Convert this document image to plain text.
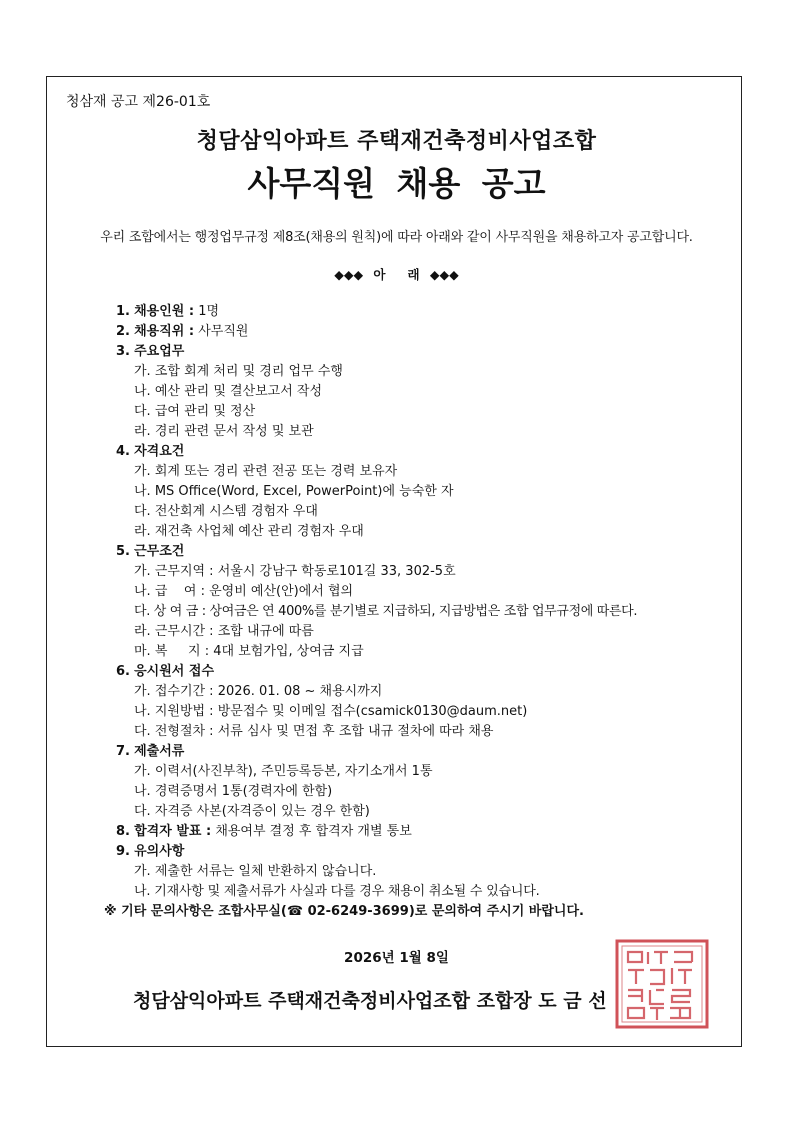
청삼재 공고 제26-01호
청담삼익아파트 주택재건축정비사업조합
사무직원 채용 공고
우리 조합에서는 행정업무규정 제8조(채용의 원칙)에 따라 아래와 같이 사무직원을 채용하고자 공고합니다.
◆◆◆ 아 래 ◆◆◆
1. 채용인원 : 1명
2. 채용직위 : 사무직원
3. 주요업무
가. 조합 회계 처리 및 경리 업무 수행
나. 예산 관리 및 결산보고서 작성
다. 급여 관리 및 정산
라. 경리 관련 문서 작성 및 보관
4. 자격요건
가. 회계 또는 경리 관련 전공 또는 경력 보유자
나. MS Office(Word, Excel, PowerPoint)에 능숙한 자
다. 전산회계 시스템 경험자 우대
라. 재건축 사업체 예산 관리 경험자 우대
5. 근무조건
가. 근무지역 : 서울시 강남구 학동로101길 33, 302-5호
나. 급    여 : 운영비 예산(안)에서 협의
다. 상 여 금 : 상여금은 연 400%를 분기별로 지급하되, 지급방법은 조합 업무규정에 따른다.
라. 근무시간 : 조합 내규에 따름
마. 복     지 : 4대 보험가입, 상여금 지급
6. 응시원서 접수
가. 접수기간 : 2026. 01. 08 ~ 채용시까지
나. 지원방법 : 방문접수 및 이메일 접수(csamick0130@daum.net)
다. 전형절차 : 서류 심사 및 면접 후 조합 내규 절차에 따라 채용
7. 제출서류
가. 이력서(사진부착), 주민등록등본, 자기소개서 1통
나. 경력증명서 1통(경력자에 한함)
다. 자격증 사본(자격증이 있는 경우 한함)
8. 합격자 발표 : 채용여부 결정 후 합격자 개별 통보
9. 유의사항
가. 제출한 서류는 일체 반환하지 않습니다.
나. 기재사항 및 제출서류가 사실과 다를 경우 채용이 취소될 수 있습니다.
※ 기타 문의사항은 조합사무실(☎ 02-6249-3699)로 문의하여 주시기 바랍니다.
2026년 1월 8일
청담삼익아파트 주택재건축정비사업조합 조합장 도 금 선
